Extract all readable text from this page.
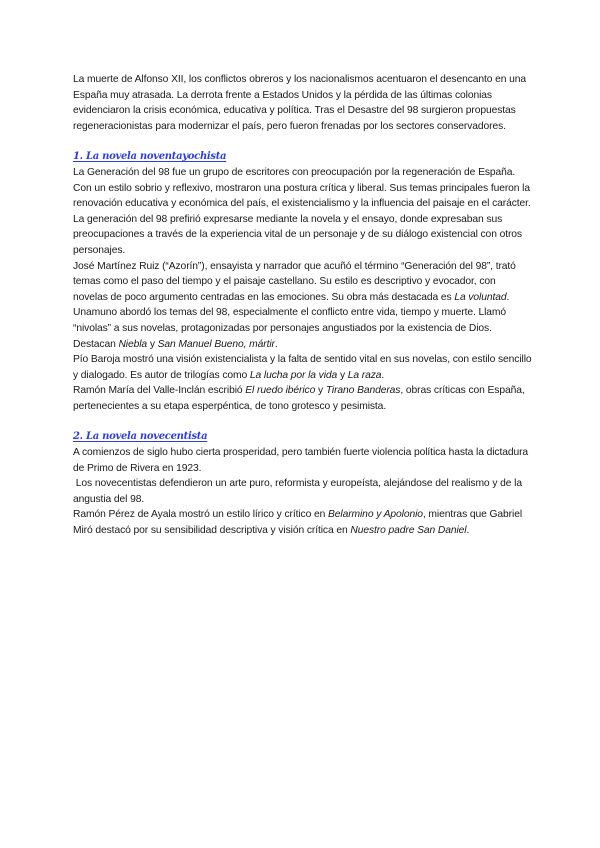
La muerte de Alfonso XII, los conflictos obreros y los nacionalismos acentuaron el desencanto en una España muy atrasada. La derrota frente a Estados Unidos y la pérdida de las últimas colonias evidenciaron la crisis económica, educativa y política. Tras el Desastre del 98 surgieron propuestas regeneracionistas para modernizar el país, pero fueron frenadas por los sectores conservadores.

1. La novela noventayochista

La Generación del 98 fue un grupo de escritores con preocupación por la regeneración de España. Con un estilo sobrio y reflexivo, mostraron una postura crítica y liberal. Sus temas principales fueron la renovación educativa y económica del país, el existencialismo y la influencia del paisaje en el carácter.

La generación del 98 prefirió expresarse mediante la novela y el ensayo, donde expresaban sus preocupaciones a través de la experiencia vital de un personaje y de su diálogo existencial con otros personajes.

José Martínez Ruiz (“Azorín”), ensayista y narrador que acuñó el término “Generación del 98”, trató temas como el paso del tiempo y el paisaje castellano. Su estilo es descriptivo y evocador, con novelas de poco argumento centradas en las emociones. Su obra más destacada es La voluntad.

Unamuno abordó los temas del 98, especialmente el conflicto entre vida, tiempo y muerte. Llamó “nivolas” a sus novelas, protagonizadas por personajes angustiados por la existencia de Dios. Destacan Niebla y San Manuel Bueno, mártir.

Pío Baroja mostró una visión existencialista y la falta de sentido vital en sus novelas, con estilo sencillo y dialogado. Es autor de trilogías como La lucha por la vida y La raza.

Ramón María del Valle-Inclán escribió El ruedo ibérico y Tirano Banderas, obras críticas con España, pertenecientes a su etapa esperpéntica, de tono grotesco y pesimista.

2. La novela novecentista

A comienzos de siglo hubo cierta prosperidad, pero también fuerte violencia política hasta la dictadura de Primo de Rivera en 1923.

Los novecentistas defendieron un arte puro, reformista y europeísta, alejándose del realismo y de la angustia del 98.

Ramón Pérez de Ayala mostró un estilo lírico y crítico en Belarmino y Apolonio, mientras que Gabriel Miró destacó por su sensibilidad descriptiva y visión crítica en Nuestro padre San Daniel.
